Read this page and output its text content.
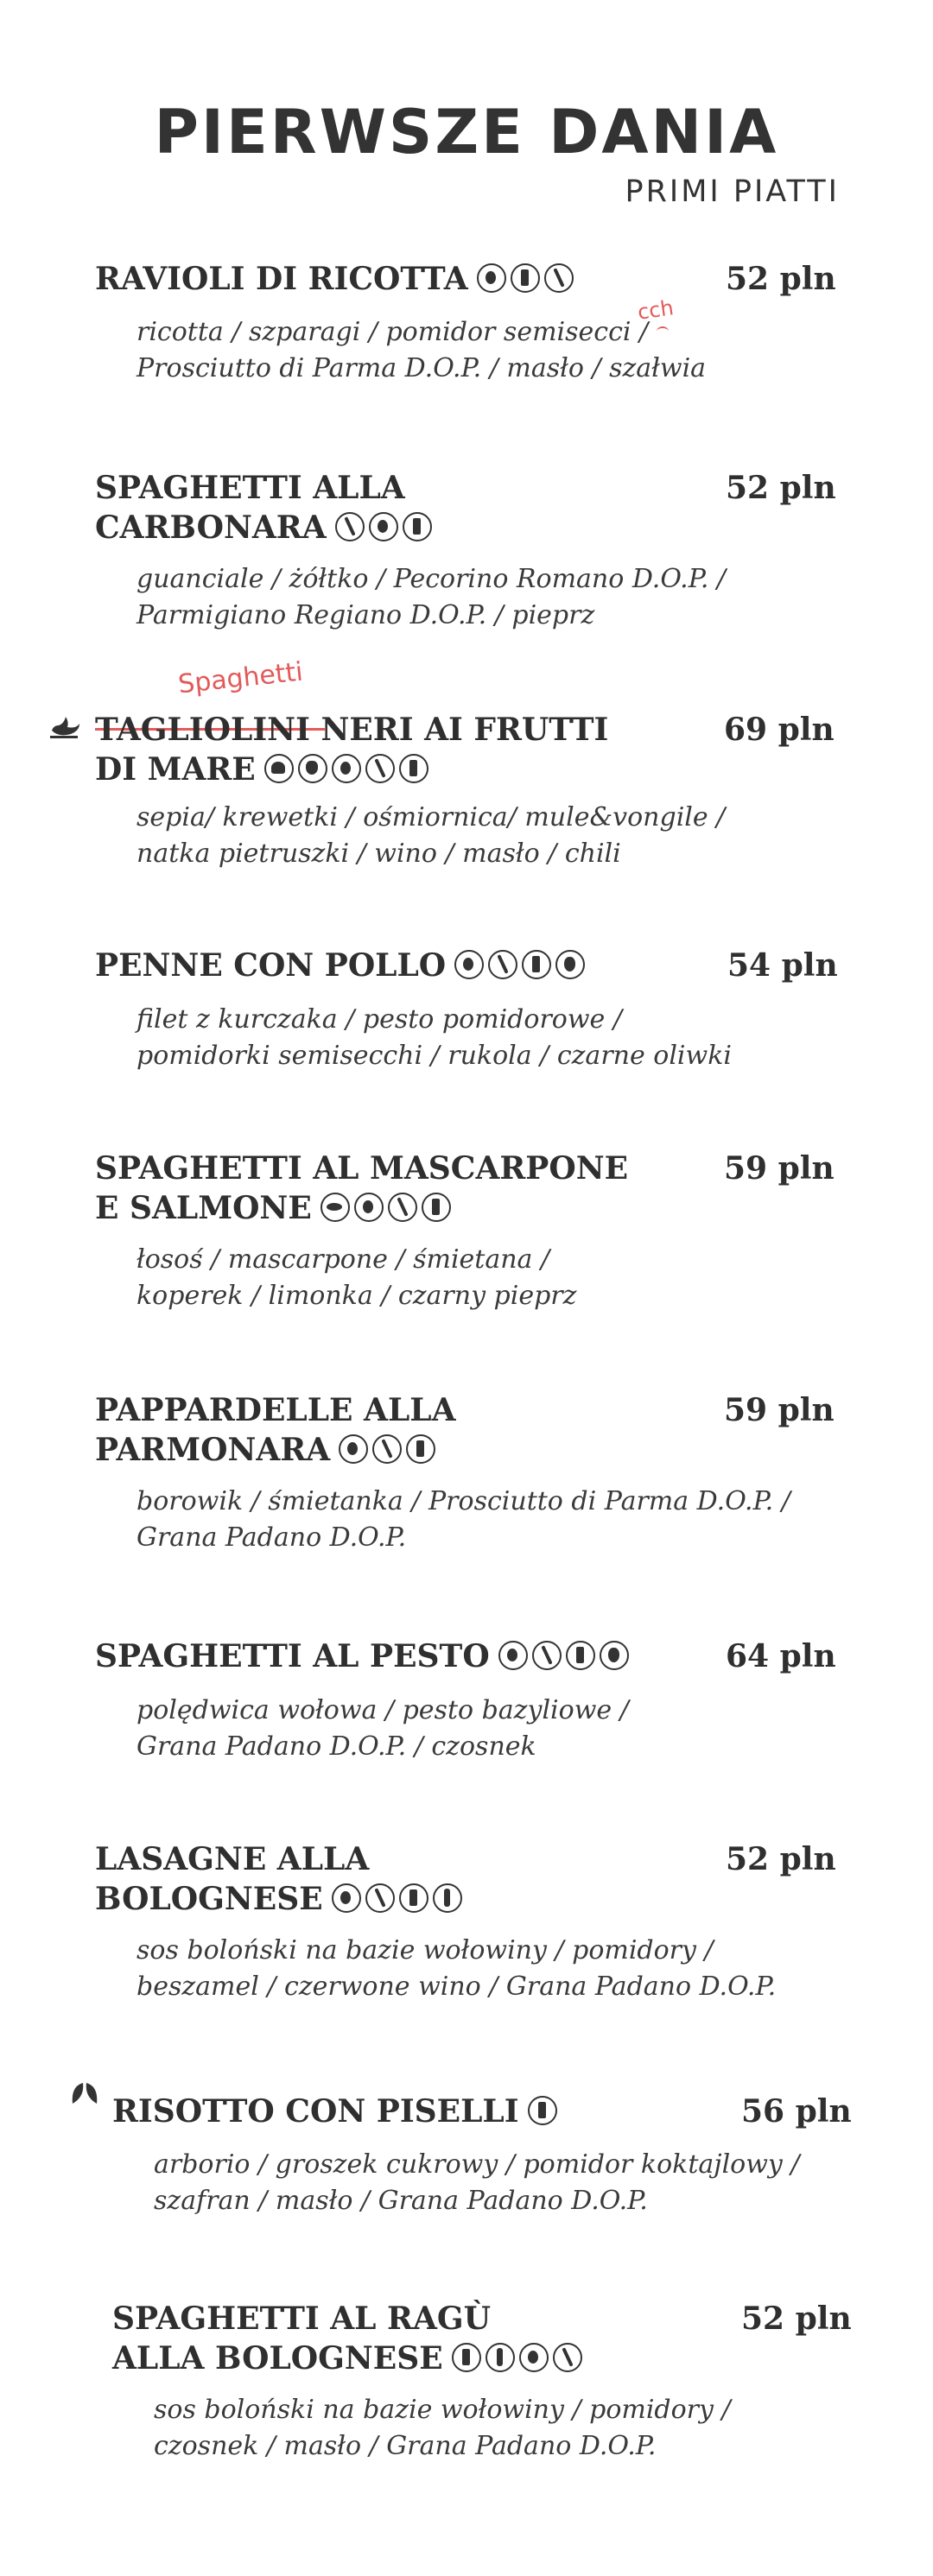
PIERWSZE DANIA
PRIMI PIATTI
cch
Spaghetti
RAVIOLI DI RICOTTA	52 pln
ricotta / szparagi / pomidor semisecci /
Prosciutto di Parma D.O.P. / masło / szałwia
SPAGHETTI ALLA
CARBONARA
52 pln
guanciale / żółtko / Pecorino Romano D.O.P. /
Parmigiano Regiano D.O.P. / pieprz
TAGLIOLINI NERI AI FRUTTI
DI MARE
69 pln
sepia/ krewetki / ośmiornica/ mule&vongile /
natka pietruszki / wino / masło / chili
PENNE CON POLLO	54 pln
filet z kurczaka / pesto pomidorowe /
pomidorki semisecchi / rukola / czarne oliwki
SPAGHETTI AL MASCARPONE
E SALMONE
59 pln
łosoś / mascarpone / śmietana /
koperek / limonka / czarny pieprz
PAPPARDELLE ALLA
PARMONARA
59 pln
borowik / śmietanka / Prosciutto di Parma D.O.P. /
Grana Padano D.O.P.
SPAGHETTI AL PESTO	64 pln
polędwica wołowa / pesto bazyliowe /
Grana Padano D.O.P. / czosnek
LASAGNE ALLA
BOLOGNESE
52 pln
sos boloński na bazie wołowiny / pomidory /
beszamel / czerwone wino / Grana Padano D.O.P.
RISOTTO CON PISELLI	56 pln
arborio / groszek cukrowy / pomidor koktajlowy /
szafran / masło / Grana Padano D.O.P.
SPAGHETTI AL RAGÙ
ALLA BOLOGNESE
52 pln
sos boloński na bazie wołowiny / pomidory /
czosnek / masło / Grana Padano D.O.P.
